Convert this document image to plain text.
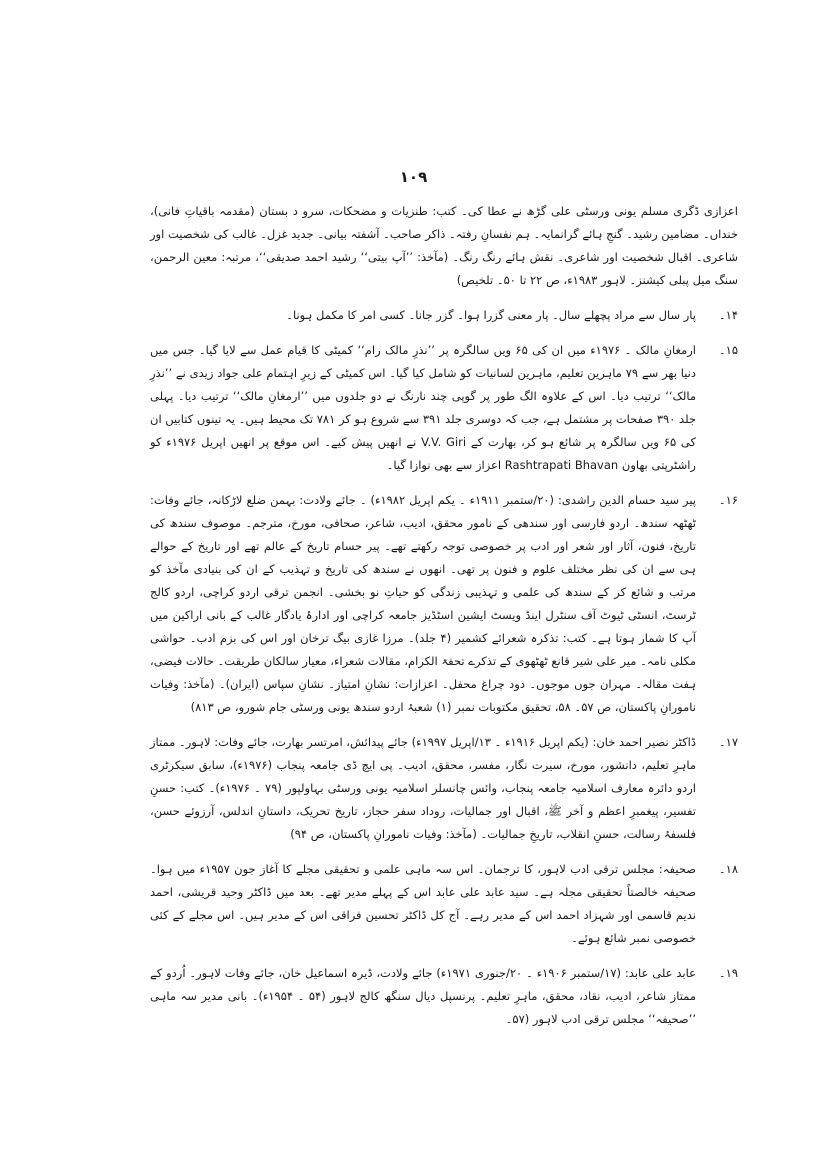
۱۰۹

اعزازی ڈگری مسلم یونی ورسٹی علی گڑھ نے عطا کی۔ کتب: طنزیات و مضحکات، سرو د بستان (مقدمہ باقیاتِ فانی)، خنداں۔ مضامین رشید۔ گنجِ ہائے گرانمایہ۔ ہم نفسانِ رفتہ۔ ذاکر صاحب۔ آشفتہ بیانی۔ جدید غزل۔ غالب کی شخصیت اور شاعری۔ اقبال شخصیت اور شاعری۔ نقش ہائے رنگ رنگ۔ (مآخذ: ’’آپ بیتی‘‘ رشید احمد صدیقی‘‘، مرتبہ: معین الرحمن، سنگ میل پبلی کیشنز۔ لاہور ۱۹۸۳ء، ص ۲۲ تا ۵۰۔ تلخیص)

۱۴۔
پار سال سے مراد پچھلے سال۔ پار معنی گزرا ہوا۔ گزر جانا۔ کسی امر کا مکمل ہونا۔
۱۵۔
ارمغانِ مالک ۔ ۱۹۷۶ء میں ان کی ۶۵ ویں سالگرہ پر ’’نذرِ مالک رام‘‘ کمیٹی کا قیام عمل سے لایا گیا۔ جس میں دنیا بھر سے ۷۹ ماہرین تعلیم، ماہرین لسانیات کو شامل کیا گیا۔ اس کمیٹی کے زیرِ اہتمام علی جواد زیدی نے ’’نذرِ مالک‘‘ ترتیب دیا۔ اس کے علاوہ الگ طور پر گوپی چند نارنگ نے دو جلدوں میں ’’ارمغانِ مالک‘‘ ترتیب دیا۔ پہلی جلد ۳۹۰ صفحات پر مشتمل ہے، جب کہ دوسری جلد ۳۹۱ سے شروع ہو کر ۷۸۱ تک محیط ہیں۔ یہ تینوں کتابیں ان کی ۶۵ ویں سالگرہ پر شائع ہو کر، بھارت کے V.V. Giri نے انھیں پیش کیے۔ اس موقع پر انھیں اپریل ۱۹۷۶ء کو راشٹرپتی بھاون Rashtrapati Bhavan اعزاز سے بھی نوازا گیا۔
۱۶۔
پیر سید حسام الدین راشدی: (۲۰/ستمبر ۱۹۱۱ء ۔ یکم اپریل ۱۹۸۲ء) ۔ جائے ولادت: بہمن ضلع لاڑکانہ، جائے وفات: ٹھٹھہ سندھ۔ اردو فارسی اور سندھی کے نامور محقق، ادیب، شاعر، صحافی، مورخ، مترجم۔ موصوف سندھ کی تاریخ، فنون، آثار اور شعر اور ادب پر خصوصی توجہ رکھتے تھے۔ پیر حسام تاریخ کے عالم تھے اور تاریخ کے حوالے ہی سے ان کی نظر مختلف علوم و فنون پر تھی۔ انھوں نے سندھ کی تاریخ و تہذیب کے ان کی بنیادی مآخذ کو مرتب و شائع کر کے سندھ کی علمی و تہذیبی زندگی کو حیاتِ نو بخشی۔ انجمن ترقی اردو کراچی، اردو کالج ٹرسٹ، انسٹی ٹیوٹ آف سنٹرل اینڈ ویسٹ ایشین اسٹڈیز جامعہ کراچی اور ادارۂ یادگار غالب کے بانی اراکین میں آپ کا شمار ہوتا ہے۔ کتب: تذکرہ شعرائے کشمیر (۴ جلد)۔ مرزا غازی بیگ ترخان اور اس کی بزم ادب۔ حواشی مکلی نامہ۔ میر علی شیر قانع ٹھٹھوی کے تذکرے تحفۃ الکرام، مقالات شعراء، معیار سالکان طریقت۔ حالات فیضی، ہفت مقالہ۔ مہران جوں موجوں۔ دود چراغ محفل۔ اعزازات: نشانِ امتیاز۔ نشانِ سپاس (ایران)۔ (مآخذ: وفیات نامورانِ پاکستان، ص ۵۷۔ ۵۸، تحقیق مکتوبات نمبر (۱) شعبۂ اردو سندھ یونی ورسٹی جام شورو، ص ۸۱۳)
۱۷۔
ڈاکٹر نصیر احمد خان: (یکم اپریل ۱۹۱۶ء ۔ ۱۳/اپریل ۱۹۹۷ء) جائے پیدائش، امرتسر بھارت، جائے وفات: لاہور۔ ممتاز ماہرِ تعلیم، دانشور، مورخ، سیرت نگار، مفسر، محقق، ادیب۔ پی ایچ ڈی جامعہ پنجاب (۱۹۷۶ء)، سابق سیکرٹری اردو دائرہ معارف اسلامیہ جامعہ پنجاب، وائس چانسلر اسلامیہ یونی ورسٹی بہاولپور (۷۹ ۔ ۱۹۷۶ء)۔ کتب: حسنِ تفسیر، پیغمبرِ اعظم و آخر ﷺ، اقبال اور جمالیات، روداد سفر حجاز، تاریخ تحریک، داستانِ اندلس، آرزوئے حسن، فلسفۂ رسالت، حسنِ انقلاب، تاریخِ جمالیات۔ (مآخذ: وفیات نامورانِ پاکستان، ص ۹۴)
۱۸۔
صحیفہ: مجلس ترقی ادب لاہور، کا ترجمان۔ اس سہ ماہی علمی و تحقیقی مجلے کا آغاز جون ۱۹۵۷ء میں ہوا۔ صحیفہ خالصتاً تحقیقی مجلہ ہے۔ سید عابد علی عابد اس کے پہلے مدیر تھے۔ بعد میں ڈاکٹر وحید قریشی، احمد ندیم قاسمی اور شہزاد احمد اس کے مدیر رہے۔ آج کل ڈاکٹر تحسین فراقی اس کے مدیر ہیں۔ اس مجلے کے کئی خصوصی نمبر شائع ہوئے۔
۱۹۔
عابد علی عابد: (۱۷/ستمبر ۱۹۰۶ء ۔ ۲۰/جنوری ۱۹۷۱ء) جائے ولادت، ڈیرہ اسماعیل خان، جائے وفات لاہور۔ اُردو کے ممتاز شاعر، ادیب، نقاد، محقق، ماہرِ تعلیم۔ پرنسپل دیال سنگھ کالج لاہور (۵۴ ۔ ۱۹۵۴ء)۔ بانی مدیر سہ ماہی ’’صحیفہ‘‘ مجلس ترقی ادب لاہور (۵۷۔
